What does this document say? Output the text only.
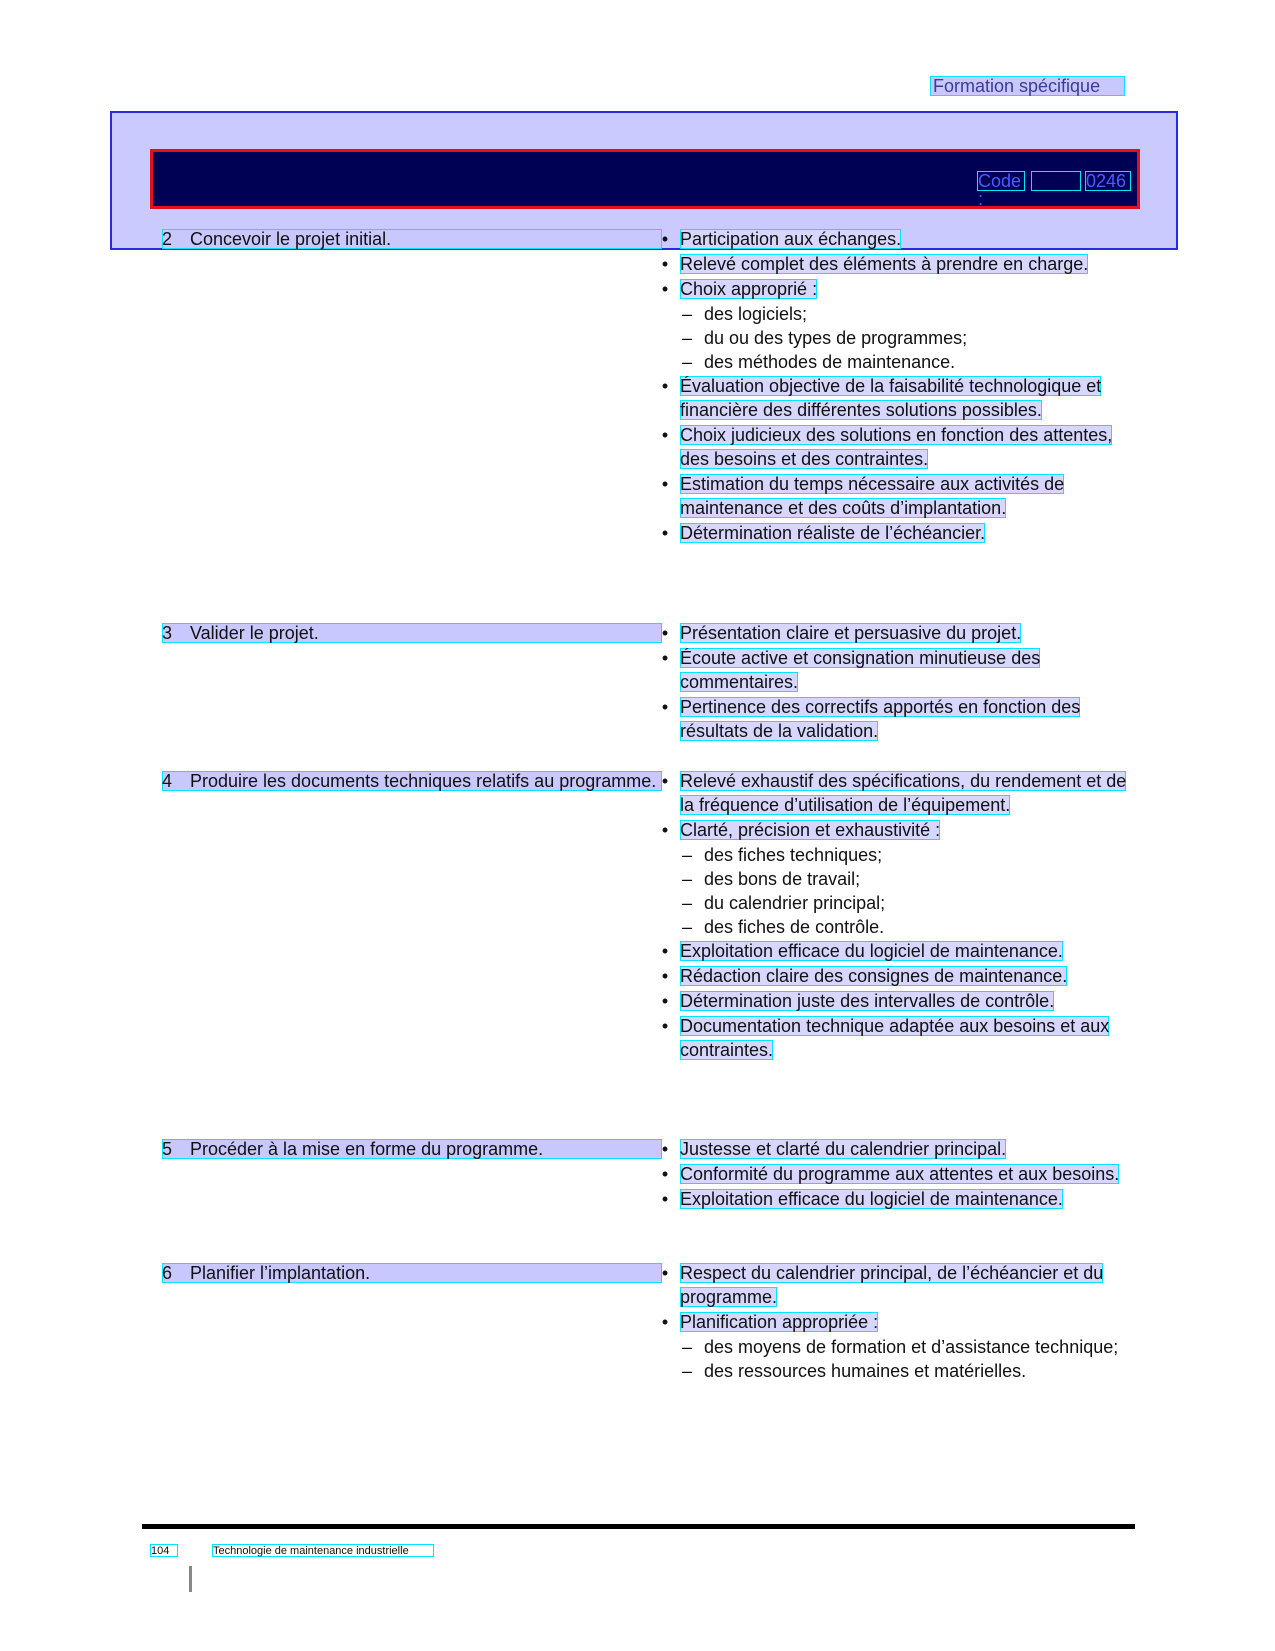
Formation spécifique
Code :
0246
2 Concevoir le projet initial.	• Participation aux échanges.
• Relevé complet des éléments à prendre en charge.
• Choix approprié :
– des logiciels;
– du ou des types de programmes;
– des méthodes de maintenance.
• Évaluation objective de la faisabilité technologique et financière des différentes solutions possibles.
• Choix judicieux des solutions en fonction des attentes, des besoins et des contraintes.
• Estimation du temps nécessaire aux activités de maintenance et des coûts d’implantation.
• Détermination réaliste de l’échéancier.
3 Valider le projet.	• Présentation claire et persuasive du projet.
• Écoute active et consignation minutieuse des commentaires.
• Pertinence des correctifs apportés en fonction des résultats de la validation.
4 Produire les documents techniques relatifs au programme. • Relevé exhaustif des spécifications, du rendement et de la fréquence d’utilisation de l’équipement.
• Clarté, précision et exhaustivité :
– des fiches techniques;
– des bons de travail;
– du calendrier principal;
– des fiches de contrôle.
• Exploitation efficace du logiciel de maintenance.
• Rédaction claire des consignes de maintenance.
• Détermination juste des intervalles de contrôle.
• Documentation technique adaptée aux besoins et aux contraintes.
5 Procéder à la mise en forme du programme.	• Justesse et clarté du calendrier principal.
• Conformité du programme aux attentes et aux besoins.
• Exploitation efficace du logiciel de maintenance.
6 Planifier l’implantation.	• Respect du calendrier principal, de l’échéancier et du programme.
• Planification appropriée :
– des moyens de formation et d’assistance technique;
– des ressources humaines et matérielles.
104	Technologie de maintenance industrielle
